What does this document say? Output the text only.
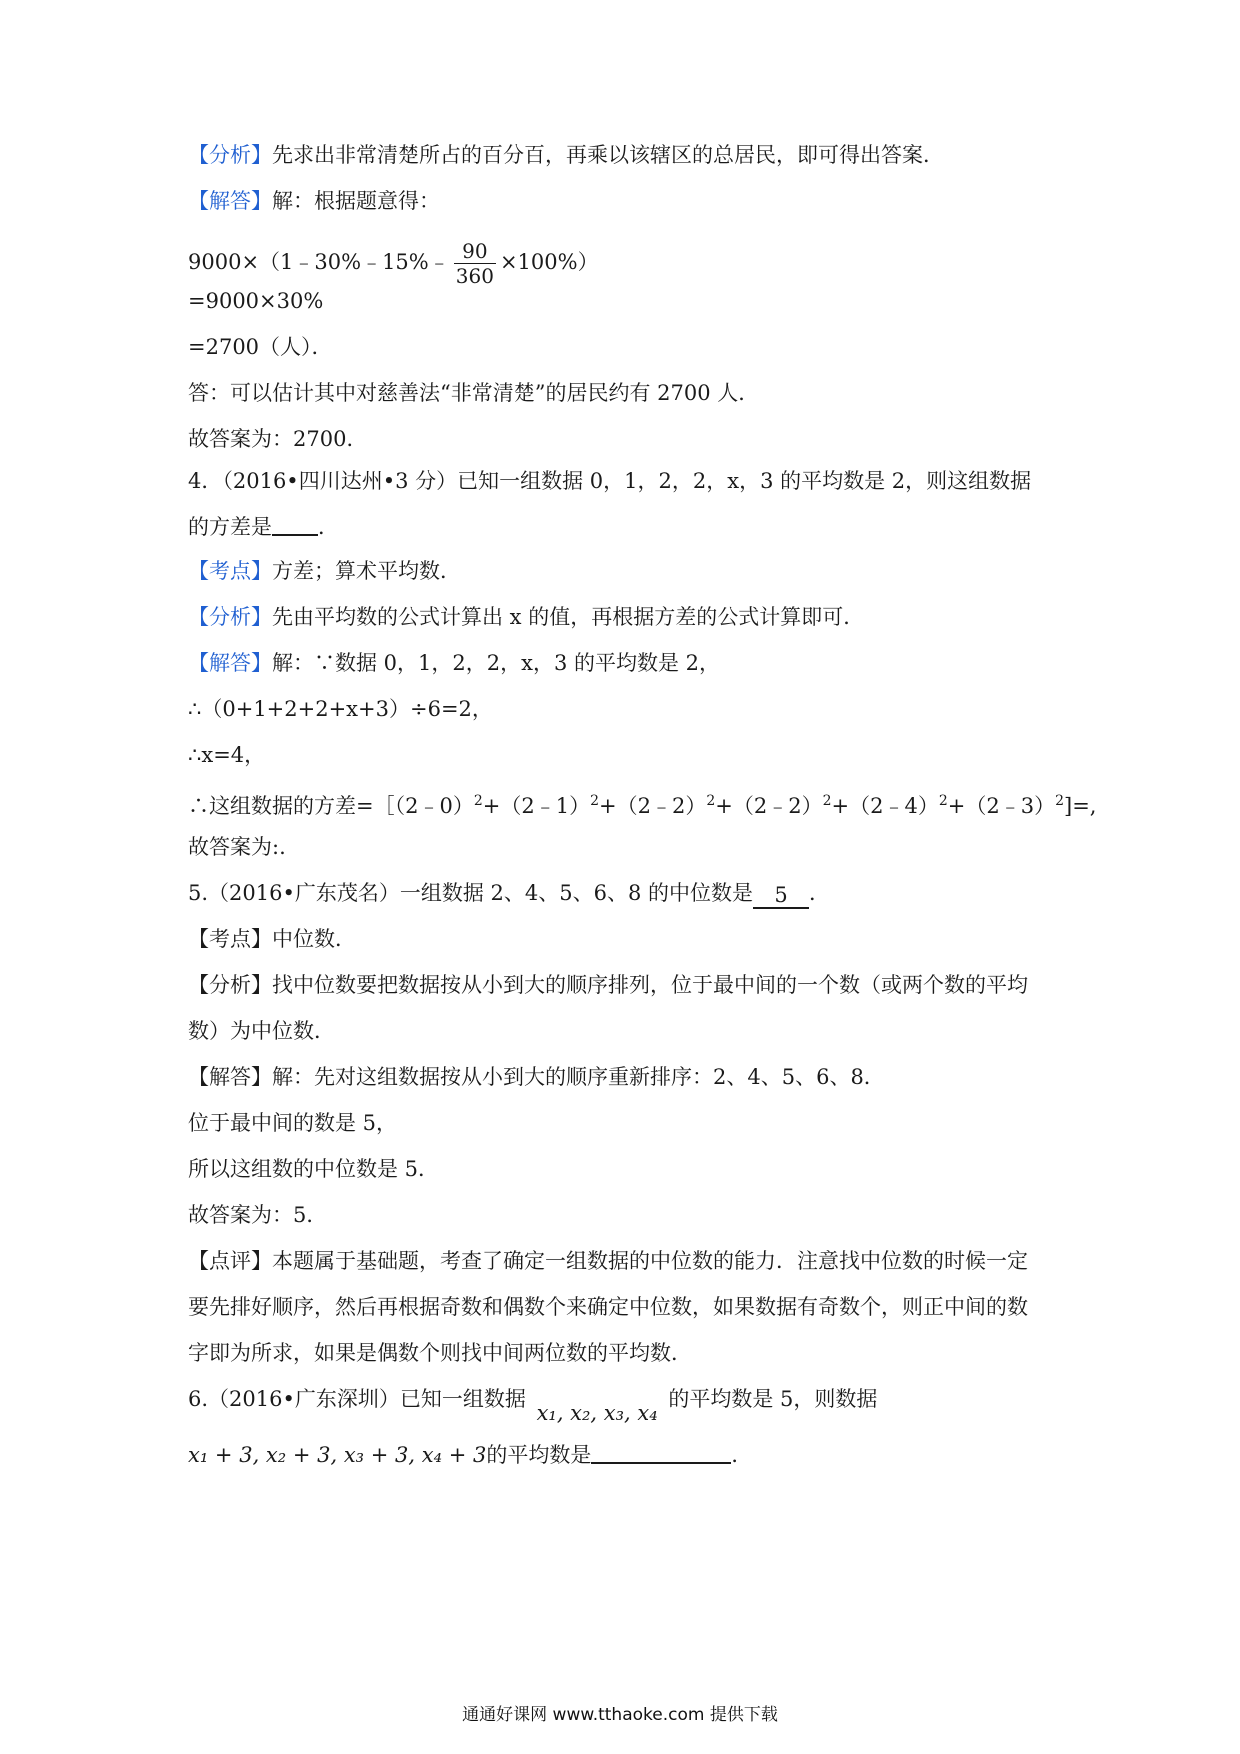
【分析】先求出非常清楚所占的百分百，再乘以该辖区的总居民，即可得出答案．
【解答】解：根据题意得：
9000×（1﹣30%﹣15%﹣ $\frac{90}{360} \times 100\%$）
=9000×30%
=2700（人）．
答：可以估计其中对慈善法“非常清楚”的居民约有 2700 人．
故答案为：2700．
4．（2016•四川达州•3 分）已知一组数据 0，1，2，2，x，3 的平均数是 2，则这组数据
的方差是 ．
【考点】方差；算术平均数．
【分析】先由平均数的公式计算出 x 的值，再根据方差的公式计算即可．
【解答】解：∵数据 0，1，2，2，x，3 的平均数是 2，
∴（0+1+2+2+x+3）÷6=2，
∴x=4，
∴这组数据的方差=［（2﹣0）$^2$+（2﹣1）$^2$+（2﹣2）$^2$+（2﹣2）$^2$+（2﹣4）$^2$+（2﹣3）$^2$]=,
故答案为:.
5.（2016•广东茂名）一组数据 2、4、5、6、8 的中位数是 5 ．
【考点】中位数．
【分析】找中位数要把数据按从小到大的顺序排列，位于最中间的一个数（或两个数的平均
数）为中位数．
【解答】解：先对这组数据按从小到大的顺序重新排序：2、4、5、6、8．
位于最中间的数是 5，
所以这组数的中位数是 5．
故答案为：5．
【点评】本题属于基础题，考查了确定一组数据的中位数的能力．注意找中位数的时候一定
要先排好顺序，然后再根据奇数和偶数个来确定中位数，如果数据有奇数个，则正中间的数
字即为所求，如果是偶数个则找中间两位数的平均数．
6.（2016•广东深圳）已知一组数据 x₁, x₂, x₃, x₄ 的平均数是 5，则数据
x₁ + 3, x₂ + 3, x₃ + 3, x₄ + 3的平均数是	．
通通好课网 www.tthaoke.com 提供下载
